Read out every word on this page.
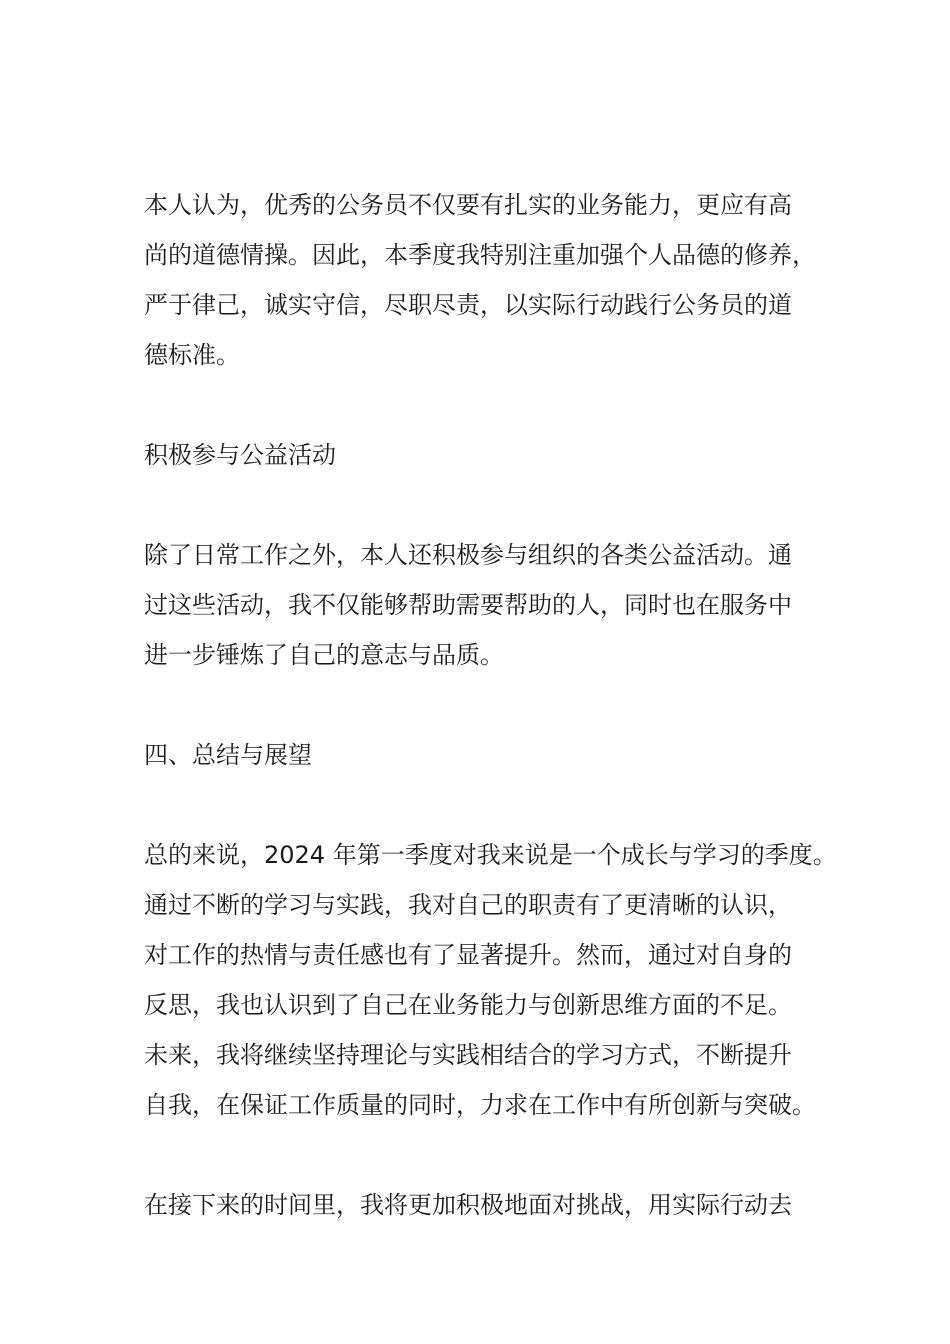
本人认为，优秀的公务员不仅要有扎实的业务能力，更应有高
尚的道德情操。因此，本季度我特别注重加强个人品德的修养，
严于律己，诚实守信，尽职尽责，以实际行动践行公务员的道
德标准。

积极参与公益活动

除了日常工作之外，本人还积极参与组织的各类公益活动。通
过这些活动，我不仅能够帮助需要帮助的人，同时也在服务中
进一步锤炼了自己的意志与品质。

四、总结与展望

总的来说，2024 年第一季度对我来说是一个成长与学习的季度。
通过不断的学习与实践，我对自己的职责有了更清晰的认识，
对工作的热情与责任感也有了显著提升。然而，通过对自身的
反思，我也认识到了自己在业务能力与创新思维方面的不足。
未来，我将继续坚持理论与实践相结合的学习方式，不断提升
自我，在保证工作质量的同时，力求在工作中有所创新与突破。

在接下来的时间里，我将更加积极地面对挑战，用实际行动去
